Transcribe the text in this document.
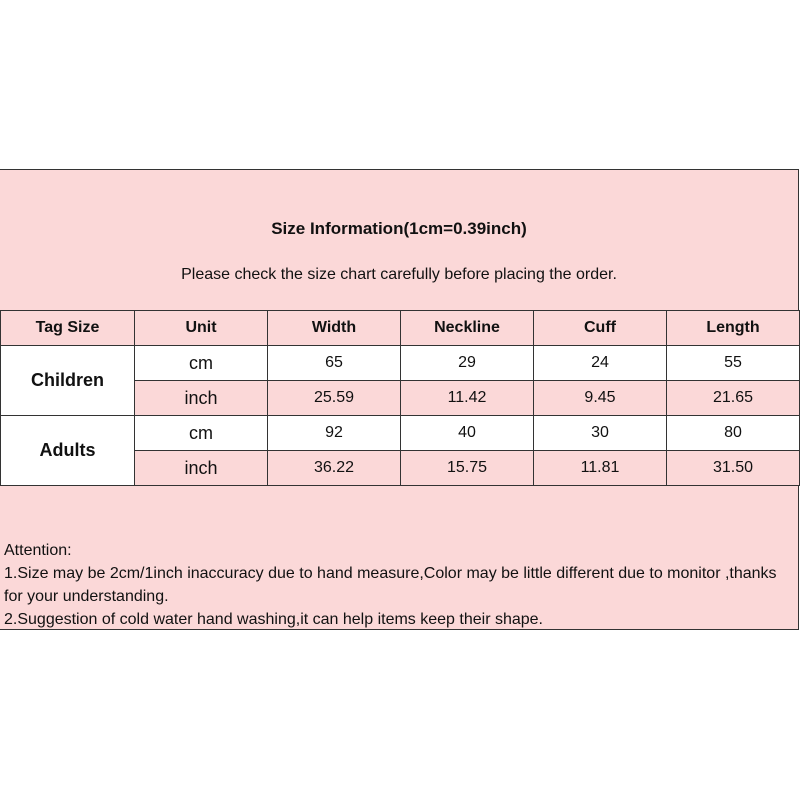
Size Information(1cm=0.39inch)
Please check the size chart carefully before placing the order.
Tag Size	Unit	Width	Neckline	Cuff	Length
Children	cm	65	29	24	55
	inch	25.59	11.42	9.45	21.65
Adults	cm	92	40	30	80
	inch	36.22	15.75	11.81	31.50
Attention:
1.Size may be 2cm/1inch inaccuracy due to hand measure,Color may be little different due to monitor ,thanks for your understanding.
2.Suggestion of cold water hand washing,it can help items keep their shape.
